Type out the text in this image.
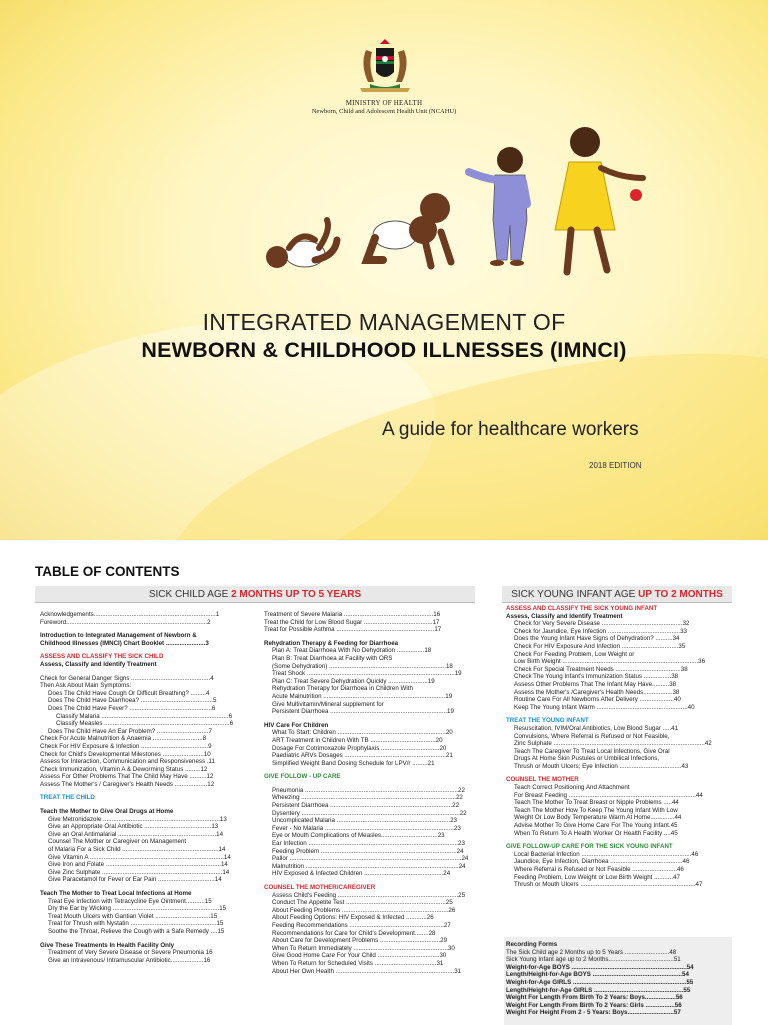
MINISTRY OF HEALTH
Newborn, Child and Adolescent Health Unit (NCAHU)
INTEGRATED MANAGEMENT OF
NEWBORN & CHILDHOOD ILLNESSES (IMNCI)
A guide for healthcare workers
2018 EDITION
TABLE OF CONTENTS
SICK CHILD AGE 2 MONTHS UP TO 5 YEARS	SICK YOUNG INFANT AGE UP TO 2 MONTHS
Acknowledgements.......................................................................1
Foreword..................................................................................2
Introduction to Integrated Management of Newborn &
Childhood Illnesses (IMNCI) Chart Booklet .......................3
ASSESS AND CLASSIFY THE SICK CHILD
Assess, Classify and Identify Treatment
Check for General Danger Signs ..............................................4
Then Ask About Main Symptoms:
Does The Child Have Cough Or Difficult Breathing? .........4
Does The Child Have Diarrhoea? ..........................................5
Does The Child Have Fever? ................................................6
Classify Malaria ..........................................................................6
Classify Measles .........................................................................6
Does The Child Have An Ear Problem? ..............................7
Check For Acute Malnutrition & Anaemia .............................8
Check For HIV Exposure & Infection .......................................9
Check for Child's Developmental Milestones ........................10
Assess for Interaction, Communication and Responsiveness .11
Check Immunization, Vitamin A & Deworming Status .........12
Assess For Other Problems That The Child May Have ..........12
Assess The Mother's / Caregiver's Health Needs ...................12
TREAT THE CHILD
Teach the Mother to Give Oral Drugs at Home
Give Metronidazole ....................................................................13
Give an Appropriate Oral Antibiotic .......................................13
Give an Oral Antimalarial .........................................................14
Counsel The Mother or Caregiver on Management
of Malaria For a Sick Child ........................................................14
Give Vitamin A ..............................................................................14
Give Iron and Folate ...................................................................14
Give Zinc Sulphate ......................................................................14
Give Paracetamol for Fever or Ear Pain .................................14
Teach The Mother to Treat Local Infections at Home
Treat Eye Infection with Tetracycline Eye Ointment...........15
Dry the Ear by Wicking ..............................................................15
Treat Mouth Ulcers with Gantian Violet ................................15
Treat for Thrush with Nystatin ..................................................15
Soothe the Throat, Relieve the Cough with a Safe Remedy ....15
Give These Treatments In Health Facility Only
Treatment of Very Severe Disease or Severe Pneumonia 16
Give an Intravenous/ Intramuscular Antibiotic...................16
Treatment of Severe Malaria ....................................................16
Treat the Child for Low Blood Sugar ........................................17
Treat for Possible Asthma .........................................................17
Rehydration Therapy & Feeding for Diarrhoea
Plan A: Treat Diarrhoea With No Dehydration ................18
Plan B: Treat Diarrhoea at Facility with ORS
(Some Dehydration) ....................................................................18
Treat Shock ......................................................................................19
Plan C: Treat Severe Dehydration Quickly .......................19
Rehydration Therapy for Diarrhoea in Children With
Acute Malnutrition .......................................................................19
Give Multivitamin/Mineral supplement for
Persistent Diarrhoea ....................................................................19
HIV Care For Children
What To Start: Children ...............................................................20
ART Treatment in Children With TB ......................................20
Dosage For Cotrimoxazole Prophylaxis ..................................20
Paediatric ARVs Dosages ...........................................................21
Simplified Weight Band Dosing Schedule for LPV/r .........21
GIVE FOLLOW - UP CARE
Pneumonia .........................................................................................22
Wheezing ..........................................................................................22
Persistent Diarrhoea .......................................................................22
Dysentery ............................................................................................22
Uncomplicated Malaria ..................................................................23
Fever - No Malaria ...........................................................................23
Eye or Mouth Complications of Measles.................................23
Ear Infection .......................................................................................23
Feeding Problem ...............................................................................24
Pallor ....................................................................................................24
Malnutrition .........................................................................................24
HIV Exposed & Infected Children ..............................................24
COUNSEL THE MOTHER/CAREGIVER
Assess Child's Feeding ......................................................................25
Conduct The Appetite Test ..........................................................25
About Feeding Problems ..............................................................26
About Feeding Options: HIV Exposed & Infected ............26
Feeding Recommendations .......................................................27
Recommendations for Care for Child's Development........28
About Care for Development Problems ...................................29
When To Return Immediately .......................................................30
Give Good Home Care For Your Child ....................................30
When To Return for Scheduled Visits ....................................31
About Her Own Health .....................................................................31
ASSESS AND CLASSIFY THE SICK YOUNG INFANT
Assess, Classify and Identify Treatment
Check for Very Severe Disease ...............................................32
Check for Jaundice, Eye Infection ..........................................33
Does the Young Infant Have Signs of Dehydration? ..........34
Check For HIV Exposure And Infection .................................35
Check For Feeding Problem, Low Weight or
Low Birth Weight ...............................................................................36
Check For Special Treatment Needs ......................................38
Check The Young Infant's Immunization Status ................38
Assess Other Problems That The Infant May Have..........38
Assess the Mother's /Caregiver's Health Needs.................38
Routine Care For All Newborns After Delivery ....................40
Keep The Young Infant Warm .....................................................40
TREAT THE YOUNG INFANT
Resuscitation, IVIM/Oral Antibiotics, Low Blood Sugar .....41
Convulsions, Where Referral is Refused or Not Feasible,
Zinc Sulphate ........................................................................................42
Teach The Caregiver To Treat Local Infections, Give Oral
Drugs At Home Skin Pustules or Umbilical Infections,
Thrush or Mouth Ulcers; Eye Infection ....................................43
COUNSEL THE MOTHER
Teach Correct Positioning And Attachment
For Breast Feeding ..........................................................................44
Teach The Mother To Treat Breast or Nipple Problems .....44
Teach The Mother How To Keep The Young Infant With Low
Weight Or Low Body Temperature Warm At Home..............44
Advise Mother To Give Home Care For The Young Infant.45
When To Return To A Health Worker Or Health Facility ....45
GIVE FOLLOW-UP CARE FOR THE SICK YOUNG INFANT
Local Bacterial Infection ................................................................46
Jaundice, Eye Infection, Diarrhoea ..........................................46
Where Referral is Refused or Not Feasible ..........................46
Feeding Problem, Low Weight or Low Birth Weight ...........47
Thrush or Mouth Ulcers ...................................................................47
Recording Forms
The Sick Child age 2 Months up to 5 Years ..........................48
Sick Young Infant age up to 2 Months......................................51
Weight-for-Age BOYS ...................................................................54
Length/Height-for-Age BOYS ....................................................54
Weight-for-Age GIRLS ..................................................................55
Length/Height-for-Age GIRLS ....................................................55
Weight For Length From Birth To 2 Years: Boys..................56
Weight For Length From Birth To 2 Years: Girls .................56
Weight For Height From 2 - 5 Years: Boys...........................57
